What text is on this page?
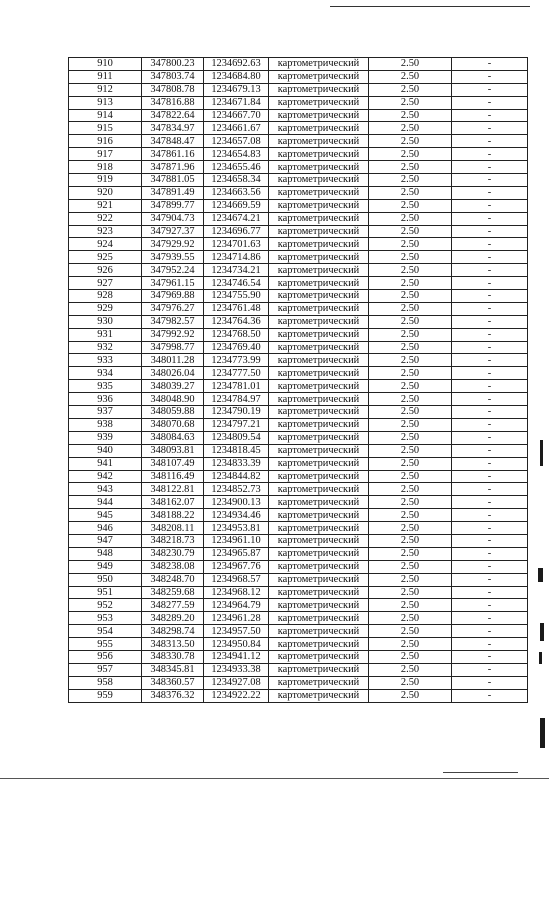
910	347800.23	1234692.63	картометрический	2.50	-
911	347803.74	1234684.80	картометрический	2.50	-
912	347808.78	1234679.13	картометрический	2.50	-
913	347816.88	1234671.84	картометрический	2.50	-
914	347822.64	1234667.70	картометрический	2.50	-
915	347834.97	1234661.67	картометрический	2.50	-
916	347848.47	1234657.08	картометрический	2.50	-
917	347861.16	1234654.83	картометрический	2.50	-
918	347871.96	1234655.46	картометрический	2.50	-
919	347881.05	1234658.34	картометрический	2.50	-
920	347891.49	1234663.56	картометрический	2.50	-
921	347899.77	1234669.59	картометрический	2.50	-
922	347904.73	1234674.21	картометрический	2.50	-
923	347927.37	1234696.77	картометрический	2.50	-
924	347929.92	1234701.63	картометрический	2.50	-
925	347939.55	1234714.86	картометрический	2.50	-
926	347952.24	1234734.21	картометрический	2.50	-
927	347961.15	1234746.54	картометрический	2.50	-
928	347969.88	1234755.90	картометрический	2.50	-
929	347976.27	1234761.48	картометрический	2.50	-
930	347982.57	1234764.36	картометрический	2.50	-
931	347992.92	1234768.50	картометрический	2.50	-
932	347998.77	1234769.40	картометрический	2.50	-
933	348011.28	1234773.99	картометрический	2.50	-
934	348026.04	1234777.50	картометрический	2.50	-
935	348039.27	1234781.01	картометрический	2.50	-
936	348048.90	1234784.97	картометрический	2.50	-
937	348059.88	1234790.19	картометрический	2.50	-
938	348070.68	1234797.21	картометрический	2.50	-
939	348084.63	1234809.54	картометрический	2.50	-
940	348093.81	1234818.45	картометрический	2.50	-
941	348107.49	1234833.39	картометрический	2.50	-
942	348116.49	1234844.82	картометрический	2.50	-
943	348122.81	1234852.73	картометрический	2.50	-
944	348162.07	1234900.13	картометрический	2.50	-
945	348188.22	1234934.46	картометрический	2.50	-
946	348208.11	1234953.81	картометрический	2.50	-
947	348218.73	1234961.10	картометрический	2.50	-
948	348230.79	1234965.87	картометрический	2.50	-
949	348238.08	1234967.76	картометрический	2.50	-
950	348248.70	1234968.57	картометрический	2.50	-
951	348259.68	1234968.12	картометрический	2.50	-
952	348277.59	1234964.79	картометрический	2.50	-
953	348289.20	1234961.28	картометрический	2.50	-
954	348298.74	1234957.50	картометрический	2.50	-
955	348313.50	1234950.84	картометрический	2.50	-
956	348330.78	1234941.12	картометрический	2.50	-
957	348345.81	1234933.38	картометрический	2.50	-
958	348360.57	1234927.08	картометрический	2.50	-
959	348376.32	1234922.22	картометрический	2.50	-
